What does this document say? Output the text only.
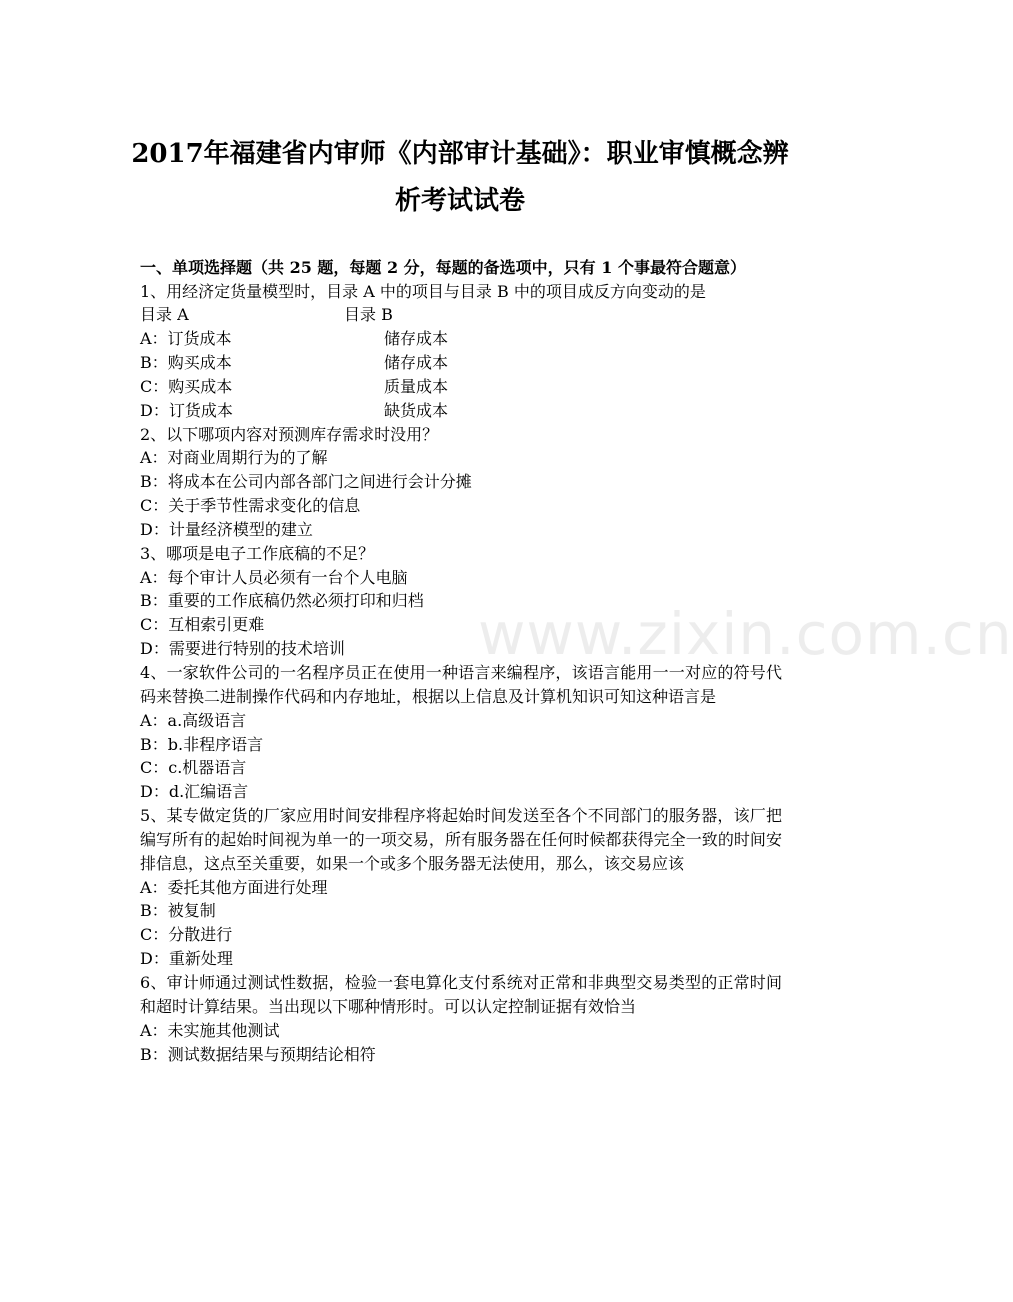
2017年福建省内审师《内部审计基础》：职业审慎概念辨
析考试试卷
www.zixin.com.cn

一、单项选择题（共 25 题，每题 2 分，每题的备选项中，只有 1 个事最符合题意）

1、用经济定货量模型时，目录 A 中的项目与目录 B 中的项目成反方向变动的是

目录 A	目录 B
A：订货成本	储存成本
B：购买成本	储存成本
C：购买成本	质量成本
D：订货成本	缺货成本

2、以下哪项内容对预测库存需求时没用？

A：对商业周期行为的了解

B：将成本在公司内部各部门之间进行会计分摊

C：关于季节性需求变化的信息

D：计量经济模型的建立

3、哪项是电子工作底稿的不足？

A：每个审计人员必须有一台个人电脑

B：重要的工作底稿仍然必须打印和归档

C：互相索引更难

D：需要进行特别的技术培训

4、一家软件公司的一名程序员正在使用一种语言来编程序，该语言能用一一对应的符号代码来替换二进制操作代码和内存地址，根据以上信息及计算机知识可知这种语言是

A：a.高级语言

B：b.非程序语言

C：c.机器语言

D：d.汇编语言

5、某专做定货的厂家应用时间安排程序将起始时间发送至各个不同部门的服务器，该厂把编写所有的起始时间视为单一的一项交易，所有服务器在任何时候都获得完全一致的时间安排信息，这点至关重要，如果一个或多个服务器无法使用，那么，该交易应该

A：委托其他方面进行处理

B：被复制

C：分散进行

D：重新处理

6、审计师通过测试性数据，检验一套电算化支付系统对正常和非典型交易类型的正常时间和超时计算结果。当出现以下哪种情形时。可以认定控制证据有效恰当

A：未实施其他测试

B：测试数据结果与预期结论相符
